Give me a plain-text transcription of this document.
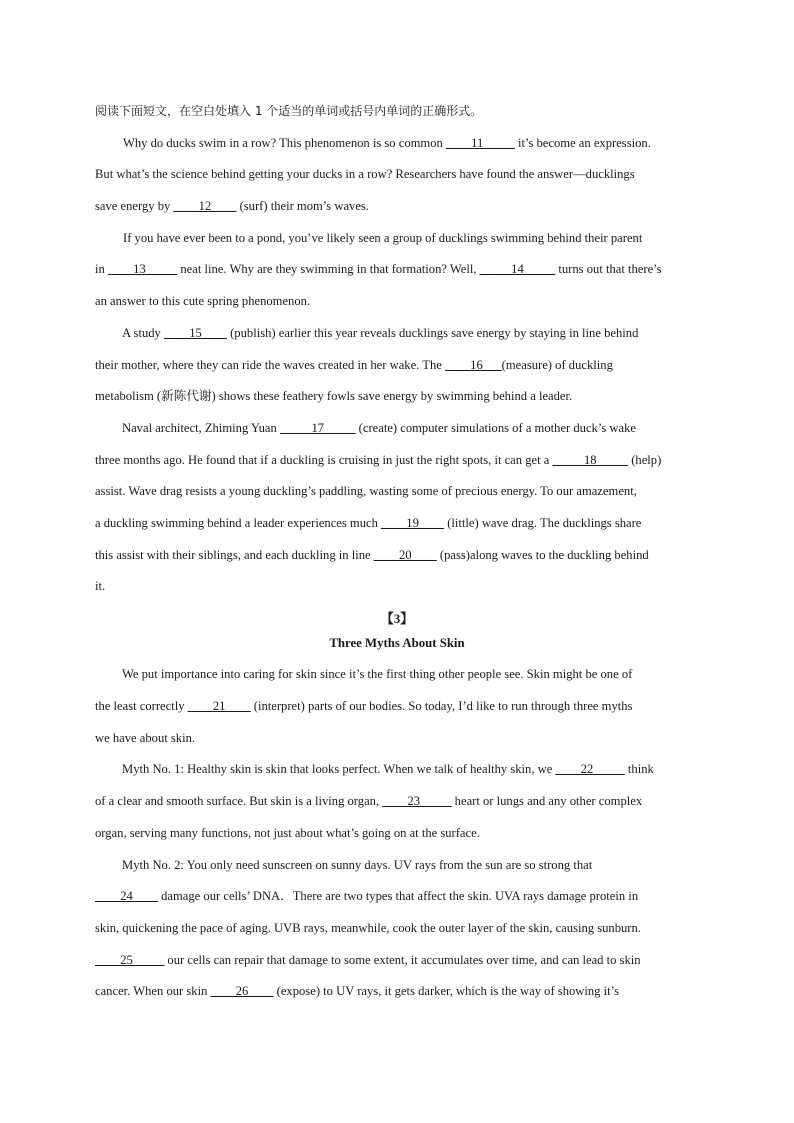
阅读下面短文，在空白处填入 1 个适当的单词或括号内单词的正确形式。
Why do ducks swim in a row? This phenomenon is so common ____11_____ it’s become an expression.
But what’s the science behind getting your ducks in a row? Researchers have found the answer—ducklings
save energy by ____12____ (surf) their mom’s waves.
If you have ever been to a pond, you’ve likely seen a group of ducklings swimming behind their parent
in ____13_____ neat line. Why are they swimming in that formation? Well, _____14_____ turns out that there’s
an answer to this cute spring phenomenon.
A study ____15____ (publish) earlier this year reveals ducklings save energy by staying in line behind
their mother, where they can ride the waves created in her wake. The ____16___(measure) of duckling
metabolism (新陈代谢) shows these feathery fowls save energy by swimming behind a leader.
Naval architect, Zhiming Yuan _____17_____ (create) computer simulations of a mother duck’s wake
three months ago. He found that if a duckling is cruising in just the right spots, it can get a _____18_____ (help)
assist. Wave drag resists a young duckling’s paddling, wasting some of precious energy. To our amazement,
a duckling swimming behind a leader experiences much ____19____ (little) wave drag. The ducklings share
this assist with their siblings, and each duckling in line ____20____ (pass)along waves to the duckling behind
it.
【3】
Three Myths About Skin
We put importance into caring for skin since it’s the first thing other people see. Skin might be one of
the least correctly ____21____ (interpret) parts of our bodies. So today, I’d like to run through three myths
we have about skin.
Myth No. 1: Healthy skin is skin that looks perfect. When we talk of healthy skin, we ____22_____ think
of a clear and smooth surface. But skin is a living organ, ____23_____ heart or lungs and any other complex
organ, serving many functions, not just about what’s going on at the surface.
Myth No. 2: You only need sunscreen on sunny days. UV rays from the sun are so strong that
____24____ damage our cells’ DNA．There are two types that affect the skin. UVA rays damage protein in
skin, quickening the pace of aging. UVB rays, meanwhile, cook the outer layer of the skin, causing sunburn.
____25_____ our cells can repair that damage to some extent, it accumulates over time, and can lead to skin
cancer. When our skin ____26____ (expose) to UV rays, it gets darker, which is the way of showing it’s
